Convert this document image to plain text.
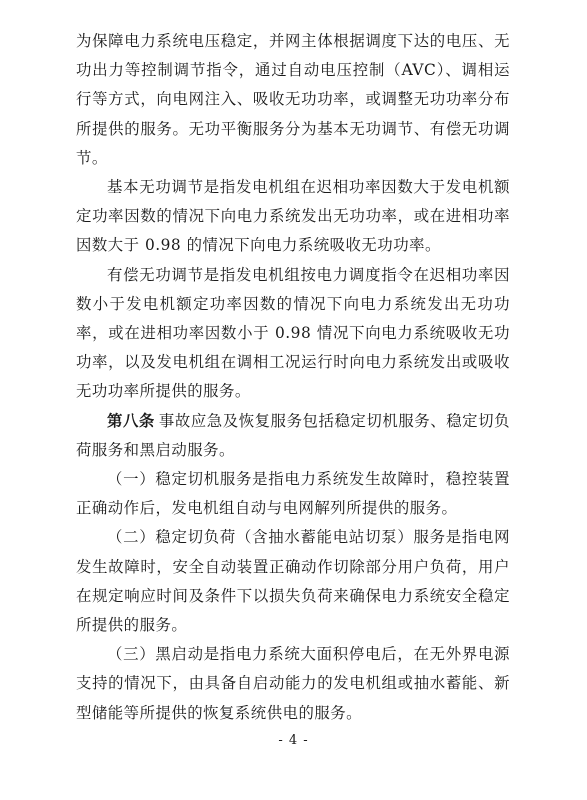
为保障电力系统电压稳定，并网主体根据调度下达的电压、无功出力等控制调节指令，通过自动电压控制（AVC）、调相运行等方式，向电网注入、吸收无功功率，或调整无功功率分布所提供的服务。无功平衡服务分为基本无功调节、有偿无功调节。

基本无功调节是指发电机组在迟相功率因数大于发电机额定功率因数的情况下向电力系统发出无功功率，或在进相功率因数大于 0.98 的情况下向电力系统吸收无功功率。

有偿无功调节是指发电机组按电力调度指令在迟相功率因数小于发电机额定功率因数的情况下向电力系统发出无功功率，或在进相功率因数小于 0.98 情况下向电力系统吸收无功功率，以及发电机组在调相工况运行时向电力系统发出或吸收无功功率所提供的服务。

第八条 事故应急及恢复服务包括稳定切机服务、稳定切负荷服务和黑启动服务。

（一）稳定切机服务是指电力系统发生故障时，稳控装置正确动作后，发电机组自动与电网解列所提供的服务。

（二）稳定切负荷（含抽水蓄能电站切泵）服务是指电网发生故障时，安全自动装置正确动作切除部分用户负荷，用户在规定响应时间及条件下以损失负荷来确保电力系统安全稳定所提供的服务。

（三）黑启动是指电力系统大面积停电后，在无外界电源支持的情况下，由具备自启动能力的发电机组或抽水蓄能、新型储能等所提供的恢复系统供电的服务。

- 4 -
